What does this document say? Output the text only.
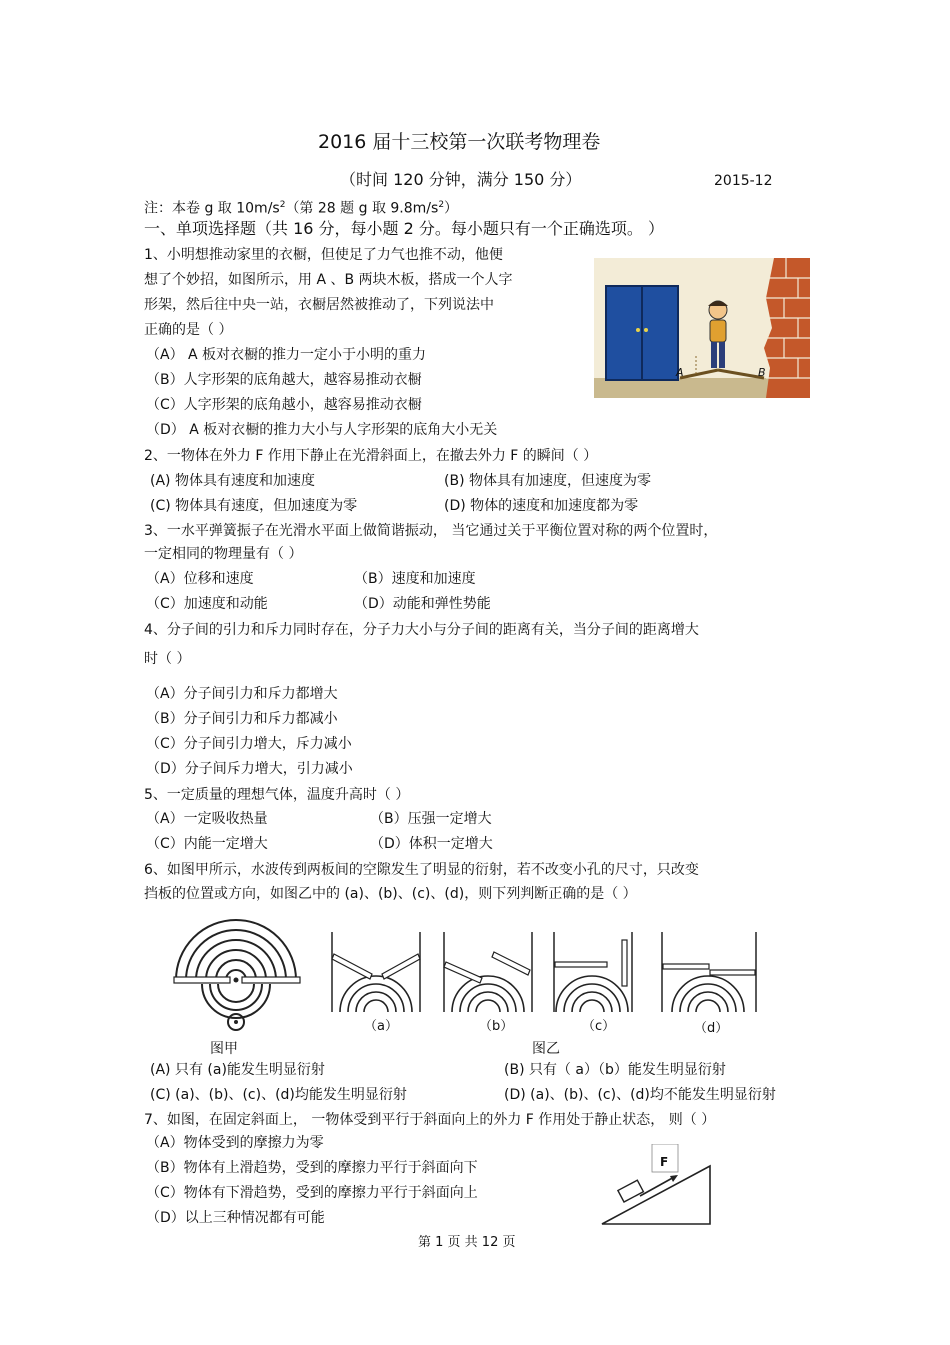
2016 届十三校第一次联考物理卷
（时间 120 分钟，满分 150 分）	2015-12
注：本卷 g 取 $10m/s^2$（第 28 题 g 取 $9.8m/s^2$）
一、单项选择题（共 16 分，每小题 2 分。每小题只有一个正确选项。 ）
1、小明想推动家里的衣橱，但使足了力气也推不动，他便
想了个妙招，如图所示，用 A 、B 两块木板，搭成一个人字
形架，然后往中央一站，衣橱居然被推动了，下列说法中
正确的是（ ）
（A） A 板对衣橱的推力一定小于小明的重力
（B）人字形架的底角越大，越容易推动衣橱
（C）人字形架的底角越小，越容易推动衣橱
（D） A 板对衣橱的推力大小与人字形架的底角大小无关
A	B
2、一物体在外力 F 作用下静止在光滑斜面上，在撤去外力 F 的瞬间（ ）
(A) 物体具有速度和加速度	(B) 物体具有加速度，但速度为零
(C) 物体具有速度，但加速度为零	(D) 物体的速度和加速度都为零
3、一水平弹簧振子在光滑水平面上做简谐振动， 当它通过关于平衡位置对称的两个位置时，
一定相同的物理量有（ ）
（A）位移和速度	（B）速度和加速度
（C）加速度和动能	（D）动能和弹性势能
4、分子间的引力和斥力同时存在，分子力大小与分子间的距离有关，当分子间的距离增大
时（ ）
（A）分子间引力和斥力都增大
（B）分子间引力和斥力都减小
（C）分子间引力增大，斥力减小
（D）分子间斥力增大，引力减小
5、一定质量的理想气体，温度升高时（ ）
（A）一定吸收热量	（B）压强一定增大
（C）内能一定增大	（D）体积一定增大
6、如图甲所示，水波传到两板间的空隙发生了明显的衍射，若不改变小孔的尺寸，只改变
挡板的位置或方向，如图乙中的 (a)、(b)、(c)、(d)，则下列判断正确的是（ ）
图甲
（a）	（b）	（c）	（d）
图乙
(A) 只有 (a)能发生明显衍射	(B) 只有（ a）（b）能发生明显衍射
(C) (a)、(b)、(c)、(d)均能发生明显衍射	(D) (a)、(b)、(c)、(d)均不能发生明显衍射
7、如图，在固定斜面上， 一物体受到平行于斜面向上的外力 F 作用处于静止状态， 则（ ）
（A）物体受到的摩擦力为零
（B）物体有上滑趋势，受到的摩擦力平行于斜面向下
（C）物体有下滑趋势，受到的摩擦力平行于斜面向上
（D）以上三种情况都有可能
F
第 1 页 共 12 页
